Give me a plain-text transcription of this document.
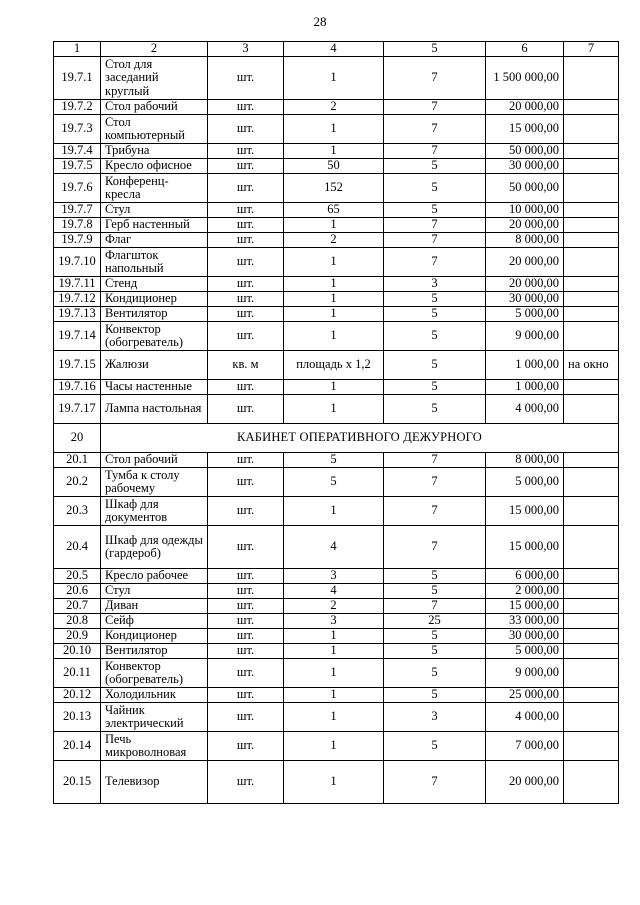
28
1	2	3	4	5	6	7
19.7.1	Стол для заседаний круглый	шт.	1	7	1 500 000,00	
19.7.2	Стол рабочий	шт.	2	7	20 000,00	
19.7.3	Стол компьютерный	шт.	1	7	15 000,00	
19.7.4	Трибуна	шт.	1	7	50 000,00	
19.7.5	Кресло офисное	шт.	50	5	30 000,00	
19.7.6	Конференц-кресла	шт.	152	5	50 000,00	
19.7.7	Стул	шт.	65	5	10 000,00	
19.7.8	Герб настенный	шт.	1	7	20 000,00	
19.7.9	Флаг	шт.	2	7	8 000,00	
19.7.10	Флагшток напольный	шт.	1	7	20 000,00	
19.7.11	Стенд	шт.	1	3	20 000,00	
19.7.12	Кондиционер	шт.	1	5	30 000,00	
19.7.13	Вентилятор	шт.	1	5	5 000,00	
19.7.14	Конвектор (обогреватель)	шт.	1	5	9 000,00	
19.7.15	Жалюзи	кв. м	площадь х 1,2	5	1 000,00	на окно
19.7.16	Часы настенные	шт.	1	5	1 000,00	
19.7.17	Лампа настольная	шт.	1	5	4 000,00	
20	КАБИНЕТ ОПЕРАТИВНОГО ДЕЖУРНОГО					
20.1	Стол рабочий	шт.	5	7	8 000,00	
20.2	Тумба к столу рабочему	шт.	5	7	5 000,00	
20.3	Шкаф для документов	шт.	1	7	15 000,00	
20.4	Шкаф для одежды (гардероб)	шт.	4	7	15 000,00	
20.5	Кресло рабочее	шт.	3	5	6 000,00	
20.6	Стул	шт.	4	5	2 000,00	
20.7	Диван	шт.	2	7	15 000,00	
20.8	Сейф	шт.	3	25	33 000,00	
20.9	Кондиционер	шт.	1	5	30 000,00	
20.10	Вентилятор	шт.	1	5	5 000,00	
20.11	Конвектор (обогреватель)	шт.	1	5	9 000,00	
20.12	Холодильник	шт.	1	5	25 000,00	
20.13	Чайник электрический	шт.	1	3	4 000,00	
20.14	Печь микроволновая	шт.	1	5	7 000,00	
20.15	Телевизор	шт.	1	7	20 000,00	
